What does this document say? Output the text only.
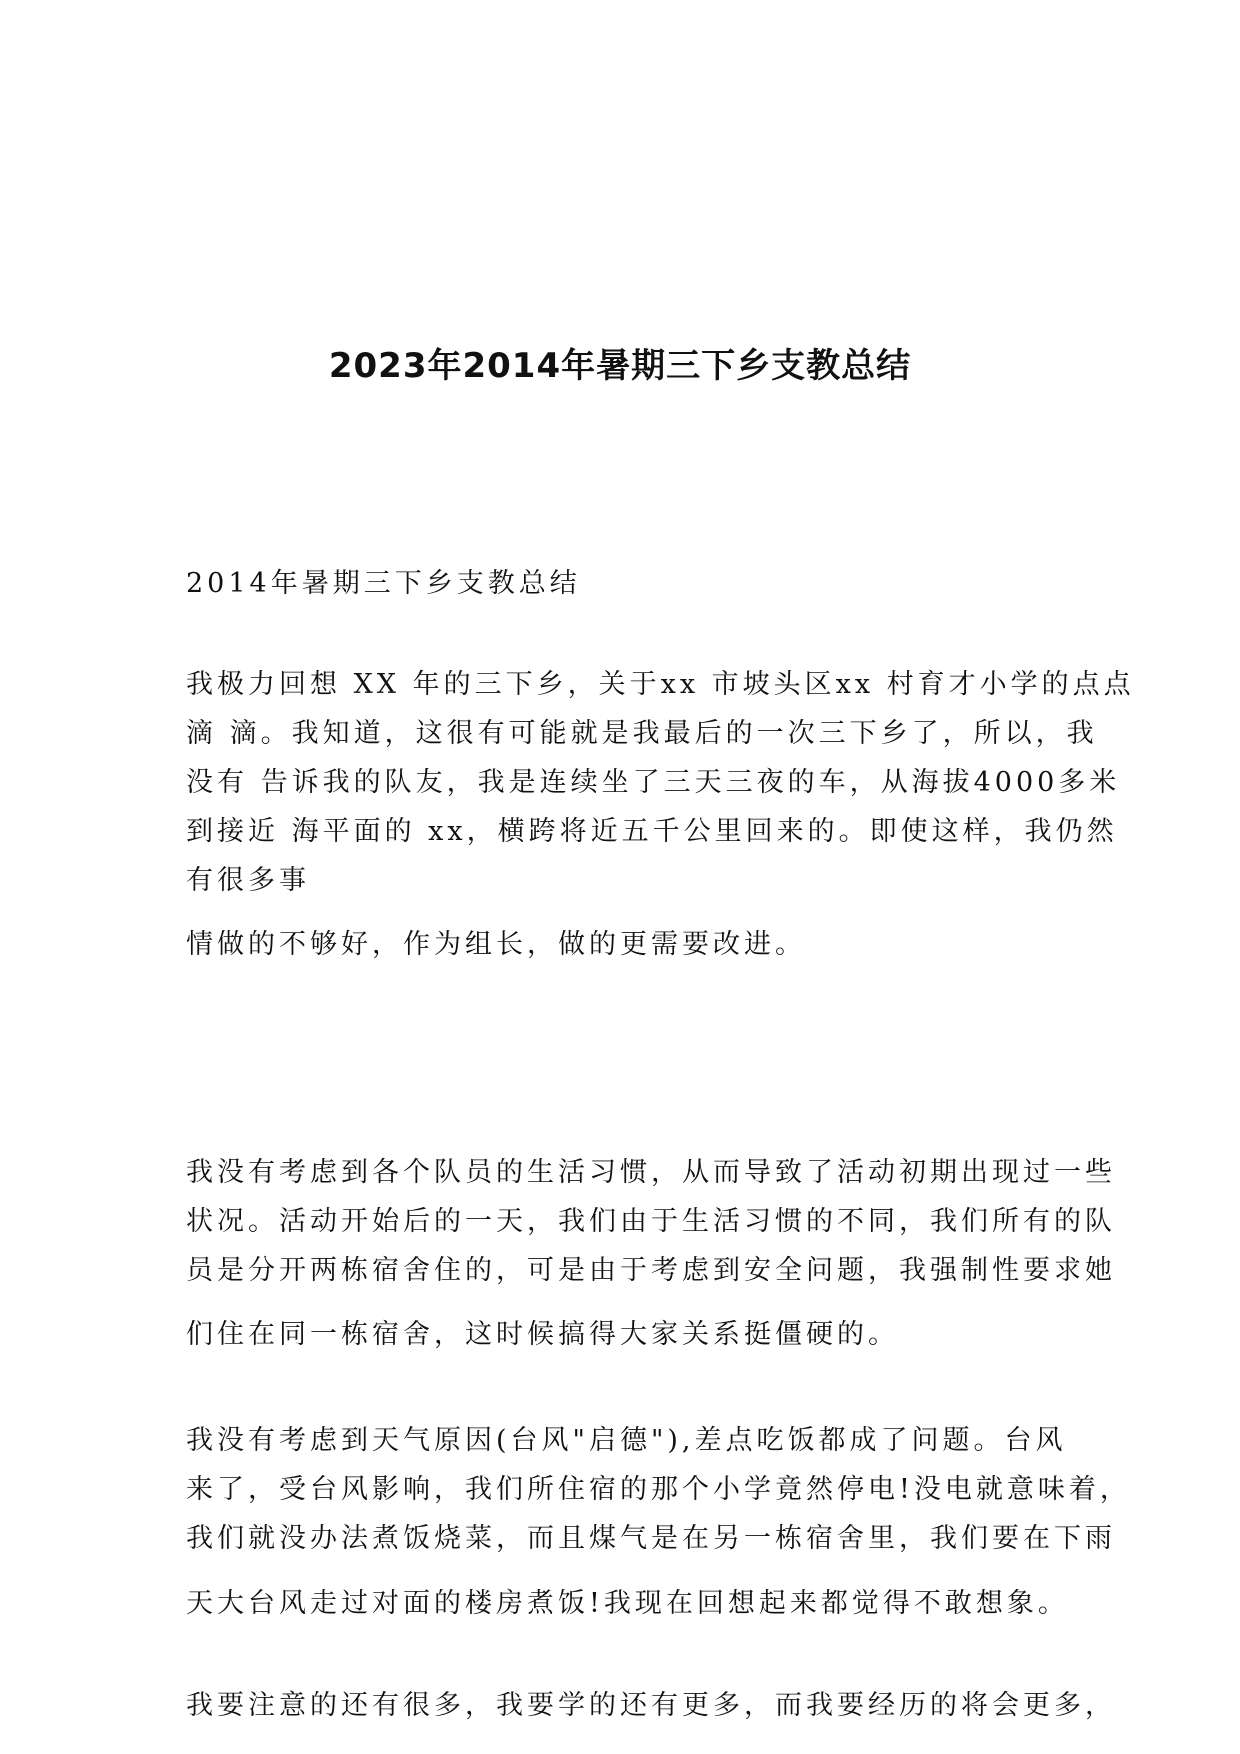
2023年2014年暑期三下乡支教总结
2014年暑期三下乡支教总结
我极力回想 XX 年的三下乡，关于xx 市坡头区xx 村育才小学的点点
滴 滴。我知道，这很有可能就是我最后的一次三下乡了，所以，我
没有 告诉我的队友，我是连续坐了三天三夜的车，从海拔4000多米
到接近 海平面的 xx，横跨将近五千公里回来的。即使这样，我仍然
有很多事
情做的不够好，作为组长，做的更需要改进。
我没有考虑到各个队员的生活习惯，从而导致了活动初期出现过一些
状况。活动开始后的一天，我们由于生活习惯的不同，我们所有的队
员是分开两栋宿舍住的，可是由于考虑到安全问题，我强制性要求她
们住在同一栋宿舍，这时候搞得大家关系挺僵硬的。
我没有考虑到天气原因(台风"启德"),差点吃饭都成了问题。台风
来了，受台风影响，我们所住宿的那个小学竟然停电!没电就意味着，
我们就没办法煮饭烧菜，而且煤气是在另一栋宿舍里，我们要在下雨
天大台风走过对面的楼房煮饭!我现在回想起来都觉得不敢想象。
我要注意的还有很多，我要学的还有更多，而我要经历的将会更多，
